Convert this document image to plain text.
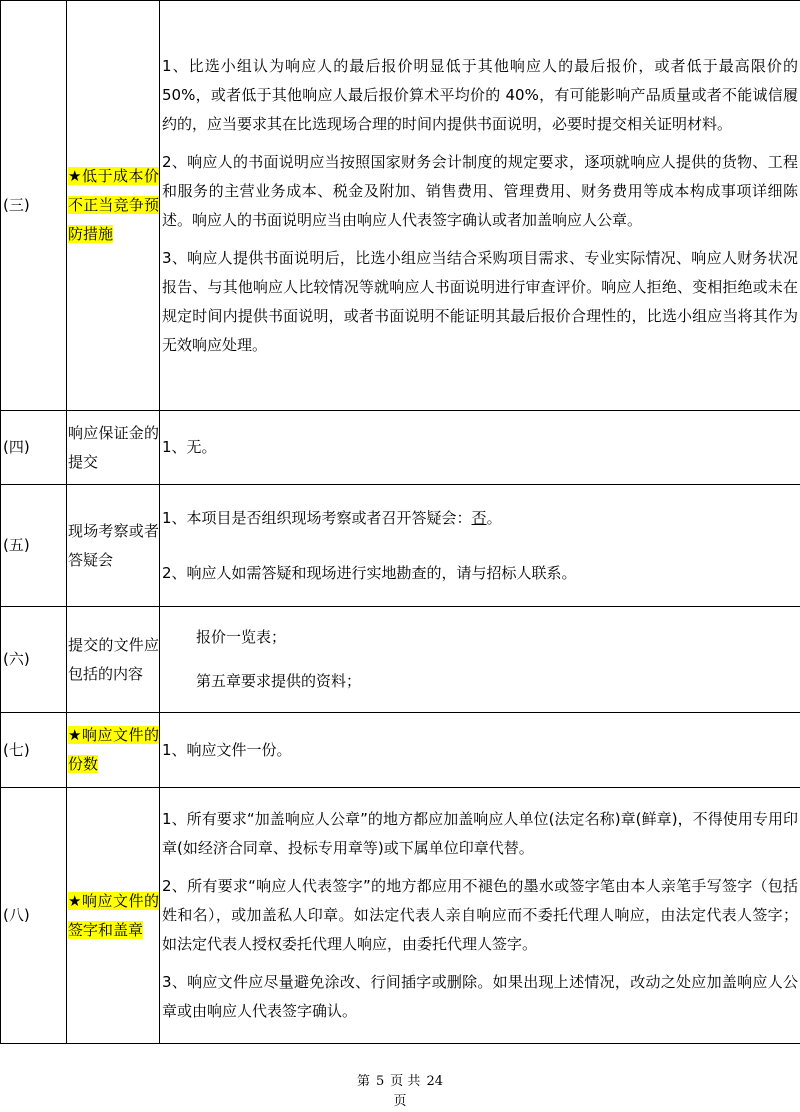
(三)	★低于成本价不正当竞争预防措施	1、比选小组认为响应人的最后报价明显低于其他响应人的最后报价，或者低于最高限价的 50%，或者低于其他响应人最后报价算术平均价的 40%，有可能影响产品质量或者不能诚信履约的，应当要求其在比选现场合理的时间内提供书面说明，必要时提交相关证明材料。

2、响应人的书面说明应当按照国家财务会计制度的规定要求，逐项就响应人提供的货物、工程和服务的主营业务成本、税金及附加、销售费用、管理费用、财务费用等成本构成事项详细陈述。响应人的书面说明应当由响应人代表签字确认或者加盖响应人公章。

3、响应人提供书面说明后，比选小组应当结合采购项目需求、专业实际情况、响应人财务状况报告、与其他响应人比较情况等就响应人书面说明进行审查评价。响应人拒绝、变相拒绝或未在规定时间内提供书面说明，或者书面说明不能证明其最后报价合理性的，比选小组应当将其作为无效响应处理。

(四)	响应保证金的提交	1、无。

(五)	现场考察或者答疑会	1、本项目是否组织现场考察或者召开答疑会：否。

2、响应人如需答疑和现场进行实地勘查的，请与招标人联系。

(六)	提交的文件应包括的内容	报价一览表；

第五章要求提供的资料；

(七)	★响应文件的份数	1、响应文件一份。

(八)	★响应文件的签字和盖章	1、所有要求“加盖响应人公章”的地方都应加盖响应人单位(法定名称)章(鲜章)，不得使用专用印章(如经济合同章、投标专用章等)或下属单位印章代替。

2、所有要求“响应人代表签字”的地方都应用不褪色的墨水或签字笔由本人亲笔手写签字（包括姓和名），或加盖私人印章。如法定代表人亲自响应而不委托代理人响应，由法定代表人签字；如法定代表人授权委托代理人响应，由委托代理人签字。

3、响应文件应尽量避免涂改、行间插字或删除。如果出现上述情况，改动之处应加盖响应人公章或由响应人代表签字确认。

第 5 页 共 24
页
